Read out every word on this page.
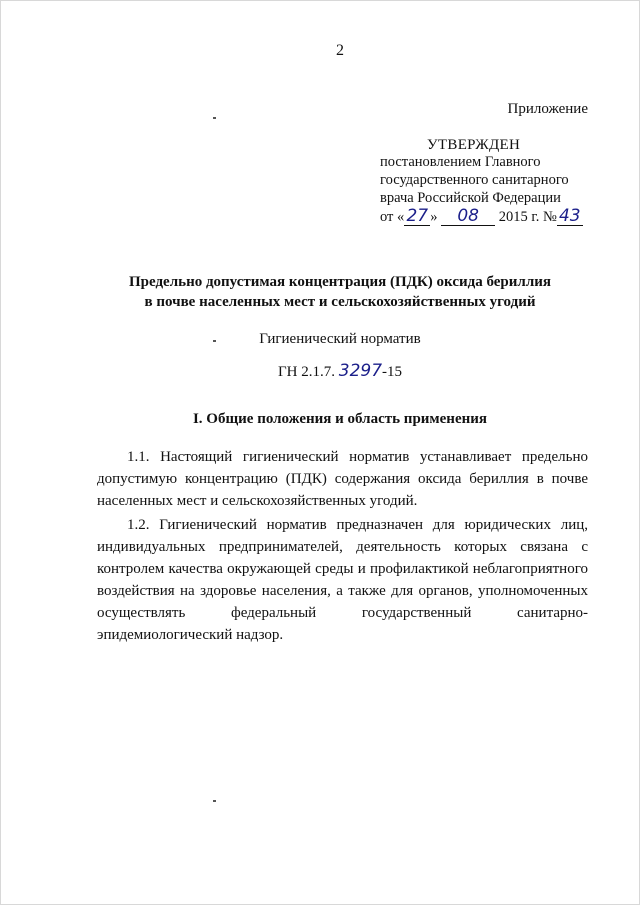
2
Приложение
УТВЕРЖДЕН
постановлением Главного
государственного санитарного
врача Российской Федерации
от « 27 » 08 2015 г. № 43
Предельно допустимая концентрация (ПДК) оксида бериллия
в почве населенных мест и сельскохозяйственных угодий
Гигиенический норматив
ГН 2.1.7. 3297-15
I. Общие положения и область применения
1.1. Настоящий гигиенический норматив устанавливает предельно допустимую концентрацию (ПДК) содержания оксида бериллия в почве населенных мест и сельскохозяйственных угодий.
1.2. Гигиенический норматив предназначен для юридических лиц, индивидуальных предпринимателей, деятельность которых связана с контролем качества окружающей среды и профилактикой неблагоприятного воздействия на здоровье населения, а также для органов, уполномоченных осуществлять федеральный государственный санитарно-эпидемиологический надзор.
